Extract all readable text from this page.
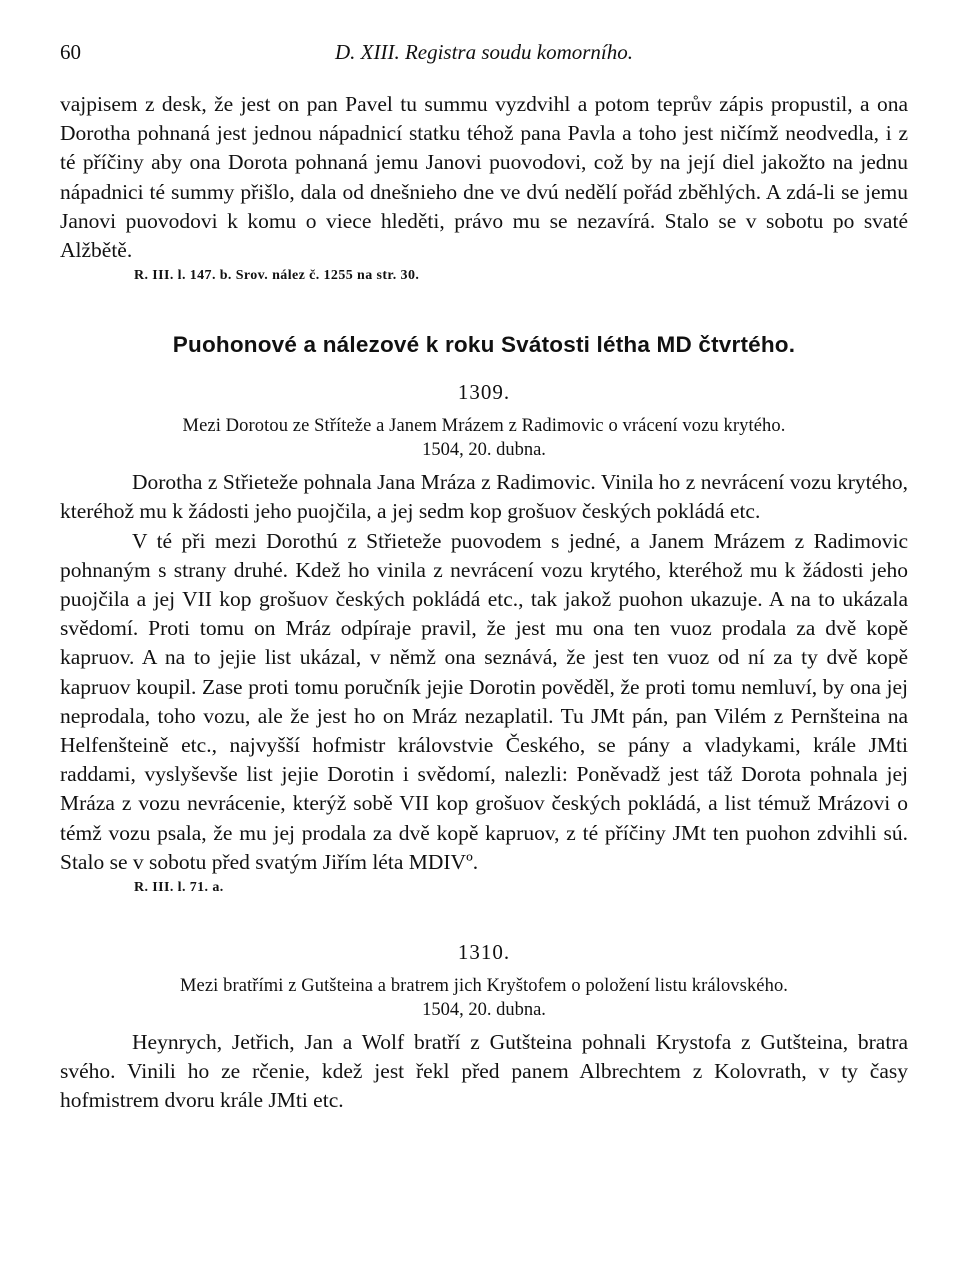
60	D. XIII. Registra soudu komorního.

vajpisem z desk, že jest on pan Pavel tu summu vyzdvihl a potom teprův zápis propustil, a ona Dorotha pohnaná jest jednou nápadnicí statku téhož pana Pavla a toho jest ničímž neodvedla, i z té příčiny aby ona Dorota pohnaná jemu Janovi puovodovi, což by na její diel jakožto na jednu nápadnici té summy přišlo, dala od dnešnieho dne ve dvú nedělí pořád zběhlých. A zdá-li se jemu Janovi puovodovi k komu o viece hleděti, právo mu se nezavírá. Stalo se v sobotu po svaté Alžbětě.

R. III. l. 147. b. Srov. nález č. 1255 na str. 30.
Puohonové a nálezové k roku Svátosti létha MD čtvrtého.
1309.
Mezi Dorotou ze Stříteže a Janem Mrázem z Radimovic o vrácení vozu krytého.
1504, 20. dubna.

Dorotha z Střieteže pohnala Jana Mráza z Radimovic. Vinila ho z nevrácení vozu krytého, kteréhož mu k žádosti jeho puojčila, a jej sedm kop grošuov českých pokládá etc.

V té při mezi Dorothú z Střieteže puovodem s jedné, a Janem Mrázem z Radimovic pohnaným s strany druhé. Kdež ho vinila z nevrácení vozu krytého, kteréhož mu k žádosti jeho puojčila a jej VII kop grošuov českých pokládá etc., tak jakož puohon ukazuje. A na to ukázala svědomí. Proti tomu on Mráz odpíraje pravil, že jest mu ona ten vuoz prodala za dvě kopě kapruov. A na to jejie list ukázal, v němž ona seznává, že jest ten vuoz od ní za ty dvě kopě kapruov koupil. Zase proti tomu poručník jejie Dorotin pověděl, že proti tomu nemluví, by ona jej neprodala, toho vozu, ale že jest ho on Mráz nezaplatil. Tu JMt pán, pan Vilém z Pernšteina na Helfenšteině etc., najvyšší hofmistr královstvie Českého, se pány a vladykami, krále JMti raddami, vyslyševše list jejie Dorotin i svědomí, nalezli: Poněvadž jest táž Dorota pohnala jej Mráza z vozu nevrácenie, kterýž sobě VII kop grošuov českých pokládá, a list témuž Mrázovi o témž vozu psala, že mu jej prodala za dvě kopě kapruov, z té příčiny JMt ten puohon zdvihli sú. Stalo se v sobotu před svatým Jiřím léta MDIVº.

R. III. l. 71. a.
1310.
Mezi bratřími z Gutšteina a bratrem jich Kryštofem o položení listu královského.
1504, 20. dubna.

Heynrych, Jetřich, Jan a Wolf bratří z Gutšteina pohnali Krystofa z Gutšteina, bratra svého. Vinili ho ze rčenie, kdež jest řekl před panem Albrechtem z Kolovrath, v ty časy hofmistrem dvoru krále JMti etc.
